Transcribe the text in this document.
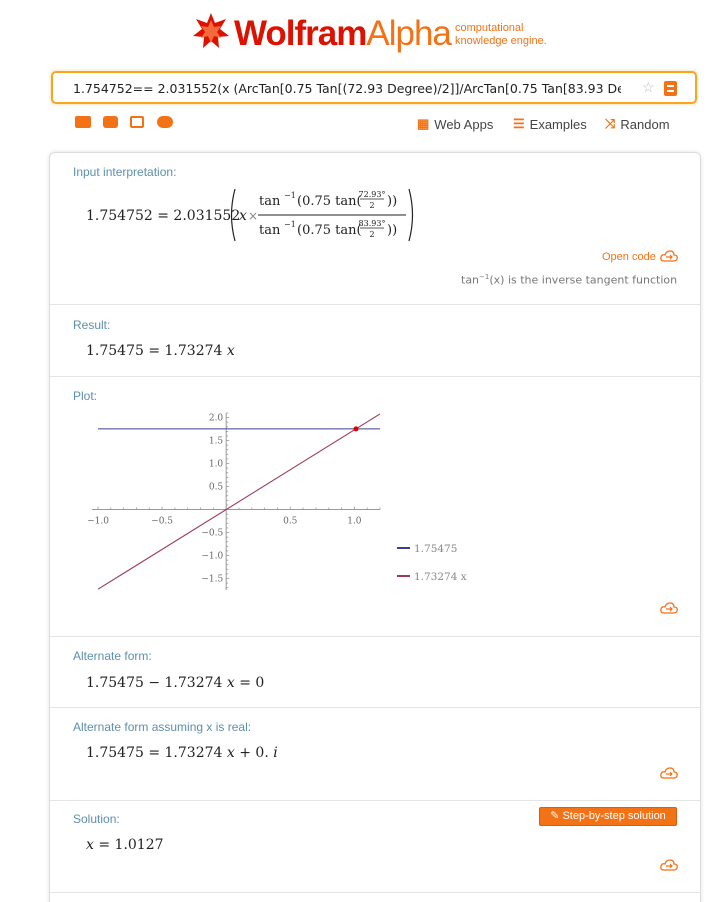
WolframAlpha computational
knowledge engine.
1.754752== 2.031552(x (ArcTan[0.75 Tan[(72.93 Degree)/2]]/ArcTan[0.75 Tan[83.93 Degree)/2]]))
☆
▦ Web Apps ☰ Examples ⤨ Random
Input interpretation:
1.754752 = 2.031552
x ×
tan −1 (0.75 tan(
72.93°
2 ))
tan −1 (0.75 tan(
83.93°
2 ))
Open code
$\tan^{-1}(x)$ is the inverse tangent function
Result:
1.75475 = 1.73274 x
Plot:
−1.0	−0.5	0.5	1.0
2.0
1.5
1.0
0.5
−0.5
−1.0
−1.5
1.75475
1.73274 x
Alternate form:
1.75475 − 1.73274 x = 0
Alternate form assuming x is real:
1.75475 = 1.73274 x + 0. i
Solution:
x = 1.0127
✎ Step-by-step solution
